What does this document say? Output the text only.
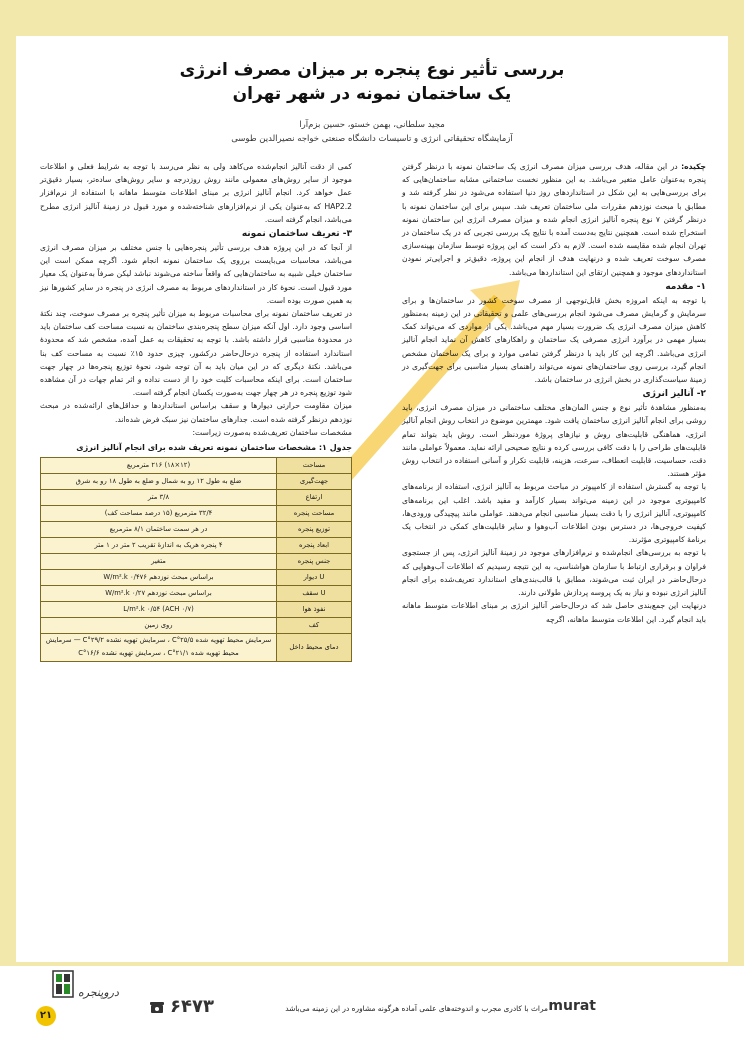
بررسی تأثیر نوع پنجره بر میزان مصرف انرژی
یک ساختمان نمونه در شهر تهران
مجید سلطانی، بهمن خستو، حسین بزم‌آرا
آزمایشگاه تحقیقاتی انرژی و تاسیسات دانشگاه صنعتی خواجه نصیرالدین طوسی

چکیده: در این مقاله، هدف بررسی میزان مصرف انرژی یک ساختمان نمونه با درنظر گرفتن پنجره به‌عنوان عامل متغیر می‌باشد. به این منظور نخست ساختمانی مشابه ساختمان‌هایی که برای بررسی‌هایی به این شکل در استانداردهای روز دنیا استفاده می‌شود در نظر گرفته شد و مطابق با مبحث نوزدهم مقررات ملی ساختمان تعریف شد. سپس برای این ساختمان نمونه با درنظر گرفتن ۷ نوع پنجره آنالیز انرژی انجام شده و میزان مصرف انرژی این ساختمان نمونه استخراج شده است. همچنین نتایج به‌دست آمده با نتایج یک بررسی تجربی که در یک ساختمان در تهران انجام شده مقایسه شده است. لازم به ذکر است که این پروژه توسط سازمان بهینه‌سازی مصرف سوخت تعریف شده و درنهایت هدف از انجام این پروژه، دقیق‌تر و اجرایی‌تر نمودن استانداردهای موجود و همچنین ارتقای این استانداردها می‌باشد.

۱- مقدمه

با توجه به اینکه امروزه بخش قابل‌توجهی از مصرف سوخت کشور در ساختمان‌ها و برای سرمایش و گرمایش مصرف می‌شود انجام بررسی‌های علمی و تحقیقاتی در این زمینه به‌منظور کاهش میزان مصرف انرژی یک ضرورت بسیار مهم می‌باشد. یکی از مواردی که می‌تواند کمک بسیار مهمی در برآورد انرژی مصرفی یک ساختمان و راهکارهای کاهش آن نماید انجام آنالیز انرژی می‌باشد. اگرچه این کار باید با درنظر گرفتن تمامی موارد و برای یک ساختمان مشخص انجام گیرد، بررسی روی ساختمان‌های نمونه می‌تواند راهنمای بسیار مناسبی برای جهت‌گیری در زمینهٔ سیاست‌گذاری در بخش انرژی در ساختمان باشد.

۲- آنالیز انرژی

به‌منظور مشاهدهٔ تأثیر نوع و جنس المان‌های مختلف ساختمانی در میزان مصرف انرژی، باید روشی برای انجام آنالیز انرژی ساختمان یافت شود. مهمترین موضوع در انتخاب روش انجام آنالیز انرژی، هماهنگی قابلیت‌های روش و نیازهای پروژهٔ موردنظر است. روش باید بتواند تمام قابلیت‌های طراحی را با دقت کافی بررسی کرده و نتایج صحیحی ارائه نماید. معمولاً عواملی مانند دقت، حساسیت، قابلیت انعطاف، سرعت، هزینه، قابلیت تکرار و آسانی استفاده در انتخاب روش مؤثر هستند.

با توجه به گسترش استفاده از کامپیوتر در مباحث مربوط به آنالیز انرژی، استفاده از برنامه‌های کامپیوتری موجود در این زمینه می‌تواند بسیار کارآمد و مفید باشد. اغلب این برنامه‌های کامپیوتری، آنالیز انرژی را با دقت بسیار مناسبی انجام می‌دهند. عواملی مانند پیچیدگی ورودی‌ها، کیفیت خروجی‌ها، در دسترس بودن اطلاعات آب‌وهوا و سایر قابلیت‌های کمکی در انتخاب یک برنامهٔ کامپیوتری مؤثرند.

با توجه به بررسی‌های انجام‌شده و نرم‌افزارهای موجود در زمینهٔ آنالیز انرژی، پس از جستجوی فراوان و برقراری ارتباط با سازمان هواشناسی، به این نتیجه رسیدیم که اطلاعات آب‌وهوایی که درحال‌حاضر در ایران ثبت می‌شوند، مطابق با قالب‌بندی‌های استاندارد تعریف‌شده برای انجام آنالیز انرژی نبوده و نیاز به یک پروسه پردازش طولانی دارند.

درنهایت این جمع‌بندی حاصل شد که درحال‌حاضر آنالیز انرژی بر مبنای اطلاعات متوسط ماهانه باید انجام گیرد. این اطلاعات متوسط ماهانه، اگرچه

کمی از دقت آنالیز انجام‌شده می‌کاهد ولی به نظر می‌رسد با توجه به شرایط فعلی و اطلاعات موجود از سایر روش‌های معمولی مانند روش روزدرجه و سایر روش‌های ساده‌تر، بسیار دقیق‌تر عمل خواهد کرد. انجام آنالیز انرژی بر مبنای اطلاعات متوسط ماهانه با استفاده از نرم‌افزار HAP2.2 که به‌عنوان یکی از نرم‌افزارهای شناخته‌شده و مورد قبول در زمینهٔ آنالیز انرژی مطرح می‌باشد، انجام گرفته است.

۳- تعریف ساختمان نمونه

از آنجا که در این پروژه هدف بررسی تأثیر پنجره‌هایی با جنس مختلف بر میزان مصرف انرژی می‌باشد، محاسبات می‌بایست برروی یک ساختمان نمونه انجام شود. اگرچه ممکن است این ساختمان خیلی شبیه به ساختمان‌هایی که واقعاً ساخته می‌شوند نباشد لیکن صرفاً به‌عنوان یک معیار مورد قبول است. نحوهٔ کار در استانداردهای مربوط به مصرف انرژی در پنجره در سایر کشورها نیز به همین صورت بوده است.

در تعریف ساختمان نمونه برای محاسبات مربوط به میزان تأثیر پنجره بر مصرف سوخت، چند نکتهٔ اساسی وجود دارد. اول آنکه میزان سطح پنجره‌بندی ساختمان به نسبت مساحت کف ساختمان باید در محدودهٔ مناسبی قرار داشته باشد. با توجه به تحقیقات به عمل آمده، مشخص شد که محدودهٔ استاندارد استفاده از پنجره درحال‌حاضر درکشور، چیزی حدود ۱۵٪ نسبت به مساحت کف بنا می‌باشد. نکتهٔ دیگری که در این میان باید به آن توجه شود، نحوهٔ توزیع پنجره‌ها در چهار جهت ساختمان است. برای اینکه محاسبات کلیت خود را از دست نداده و اثر تمام جهات در آن مشاهده شود توزیع پنجره در هر چهار جهت به‌صورت یکسان انجام گرفته است.

میزان مقاومت حرارتی دیوارها و سقف براساس استانداردها و حداقل‌های ارائه‌شده در مبحث نوزدهم درنظر گرفته شده است. جدارهای ساختمان نیز سبک فرض شده‌اند.

مشخصات ساختمان تعریف‌شده به‌صورت زیراست:

جدول ۱: مشخصات ساختمان نمونه تعریف شده برای انجام آنالیز انرژی
مساحت	(۱۲×۱۸) ۲۱۶ مترمربع
جهت‌گیری	ضلع به طول ۱۲ رو به شمال و ضلع به طول ۱۸ رو به شرق
ارتفاع	۳/۸ متر
مساحت پنجره	۳۲/۴ مترمربع (۱۵ درصد مساحت کف)
توزیع پنجره	در هر سمت ساختمان ۸/۱ مترمربع
ابعاد پنجره	۴ پنجره هریک به اندازهٔ تقریب ۲ متر در ۱ متر
جنس پنجره	متغیر
U دیوار	براساس مبحث نوزدهم W/m².k ۰/۴۷۶
U سقف	براساس مبحث نوزدهم W/m².k ۰/۲۷
نفوذ هوا	(۰/۷ ACH) L/m².k ۰/۵۴
کف	روی زمین
دمای محیط داخل	سرمایش محیط تهویه شده ۲۵/۵°C ، سرمایش تهویه نشده ۲۹/۲°C — سرمایش محیط تهویه شده ۲۱/۱°C ، سرمایش تهویه نشده ۱۶/۶°C
مراث با کادری مجرب و اندوخته‌های علمی آماده هرگونه مشاوره در این زمینه می‌باشد murat
۶۴۷۳
دروپنجره
۲۱
